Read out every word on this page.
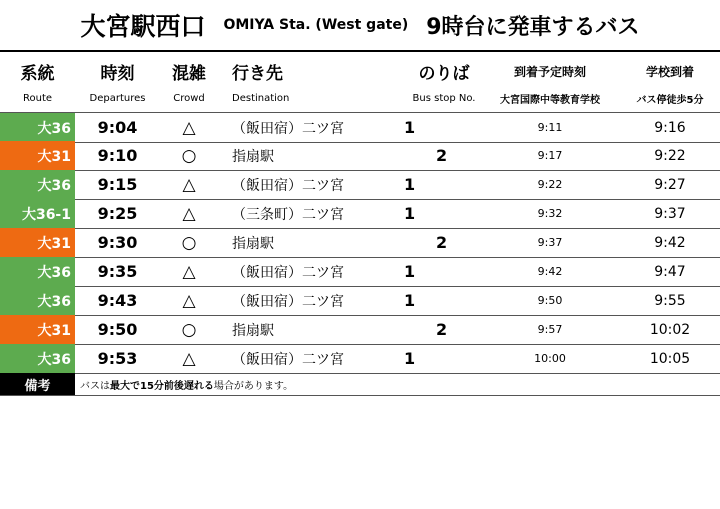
大宮駅西口 OMIYA Sta. (West gate) 9時台に発車するバス
系統	時刻	混雑	行き先	のりば	到着予定時刻	学校到着
Route	Departures	Crowd	Destination	Bus stop No.	大宮国際中等教育学校	バス停徒歩5分
大36	9:04	△	（飯田宿）二ツ宮	1	9:11	9:16
大31	9:10	○	指扇駅	2	9:17	9:22
大36	9:15	△	（飯田宿）二ツ宮	1	9:22	9:27
大36-1	9:25	△	（三条町）二ツ宮	1	9:32	9:37
大31	9:30	○	指扇駅	2	9:37	9:42
大36	9:35	△	（飯田宿）二ツ宮	1	9:42	9:47
大36	9:43	△	（飯田宿）二ツ宮	1	9:50	9:55
大31	9:50	○	指扇駅	2	9:57	10:02
大36	9:53	△	（飯田宿）二ツ宮	1	10:00	10:05
備考	バスは 最大で15分前後遅れる 場合があります。
